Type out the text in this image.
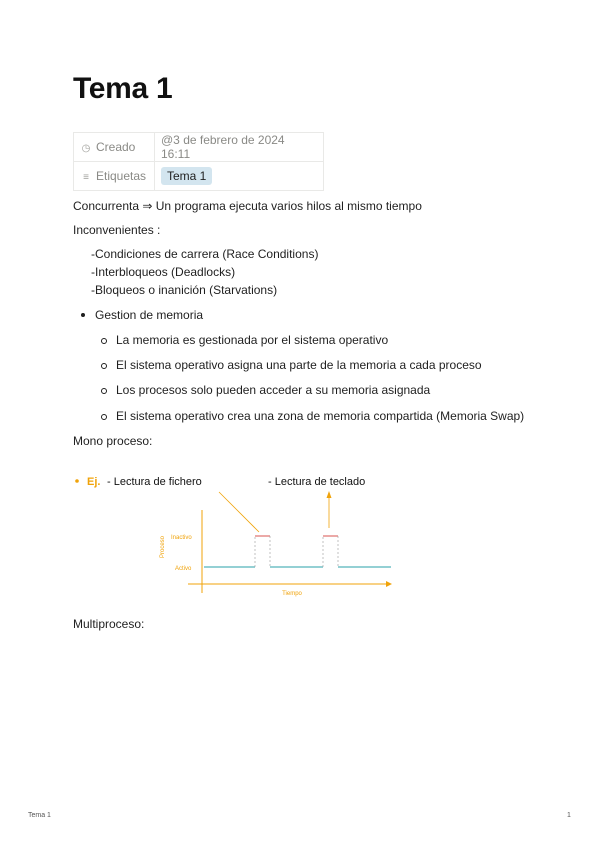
Tema 1
◷ Creado	@3 de febrero de 2024 16:11
≡ Etiquetas	Tema 1

Concurrenta ⇒ Un programa ejecuta varios hilos al mismo tiempo

Inconvenientes :

-Condiciones de carrera (Race Conditions)

-Interbloqueos (Deadlocks)

-Bloqueos o inanición (Starvations)

Gestion de memoria

La memoria es gestionada por el sistema operativo

El sistema operativo asigna una parte de la memoria a cada proceso

Los procesos solo pueden acceder a su memoria asignada

El sistema operativo crea una zona de memoria compartida (Memoria Swap)

Mono proceso:

Ej. - Lectura de fichero	- Lectura de teclado
Proceso Inactivo
Activo
Tiempo

Multiproceso:

Tema 1	1
